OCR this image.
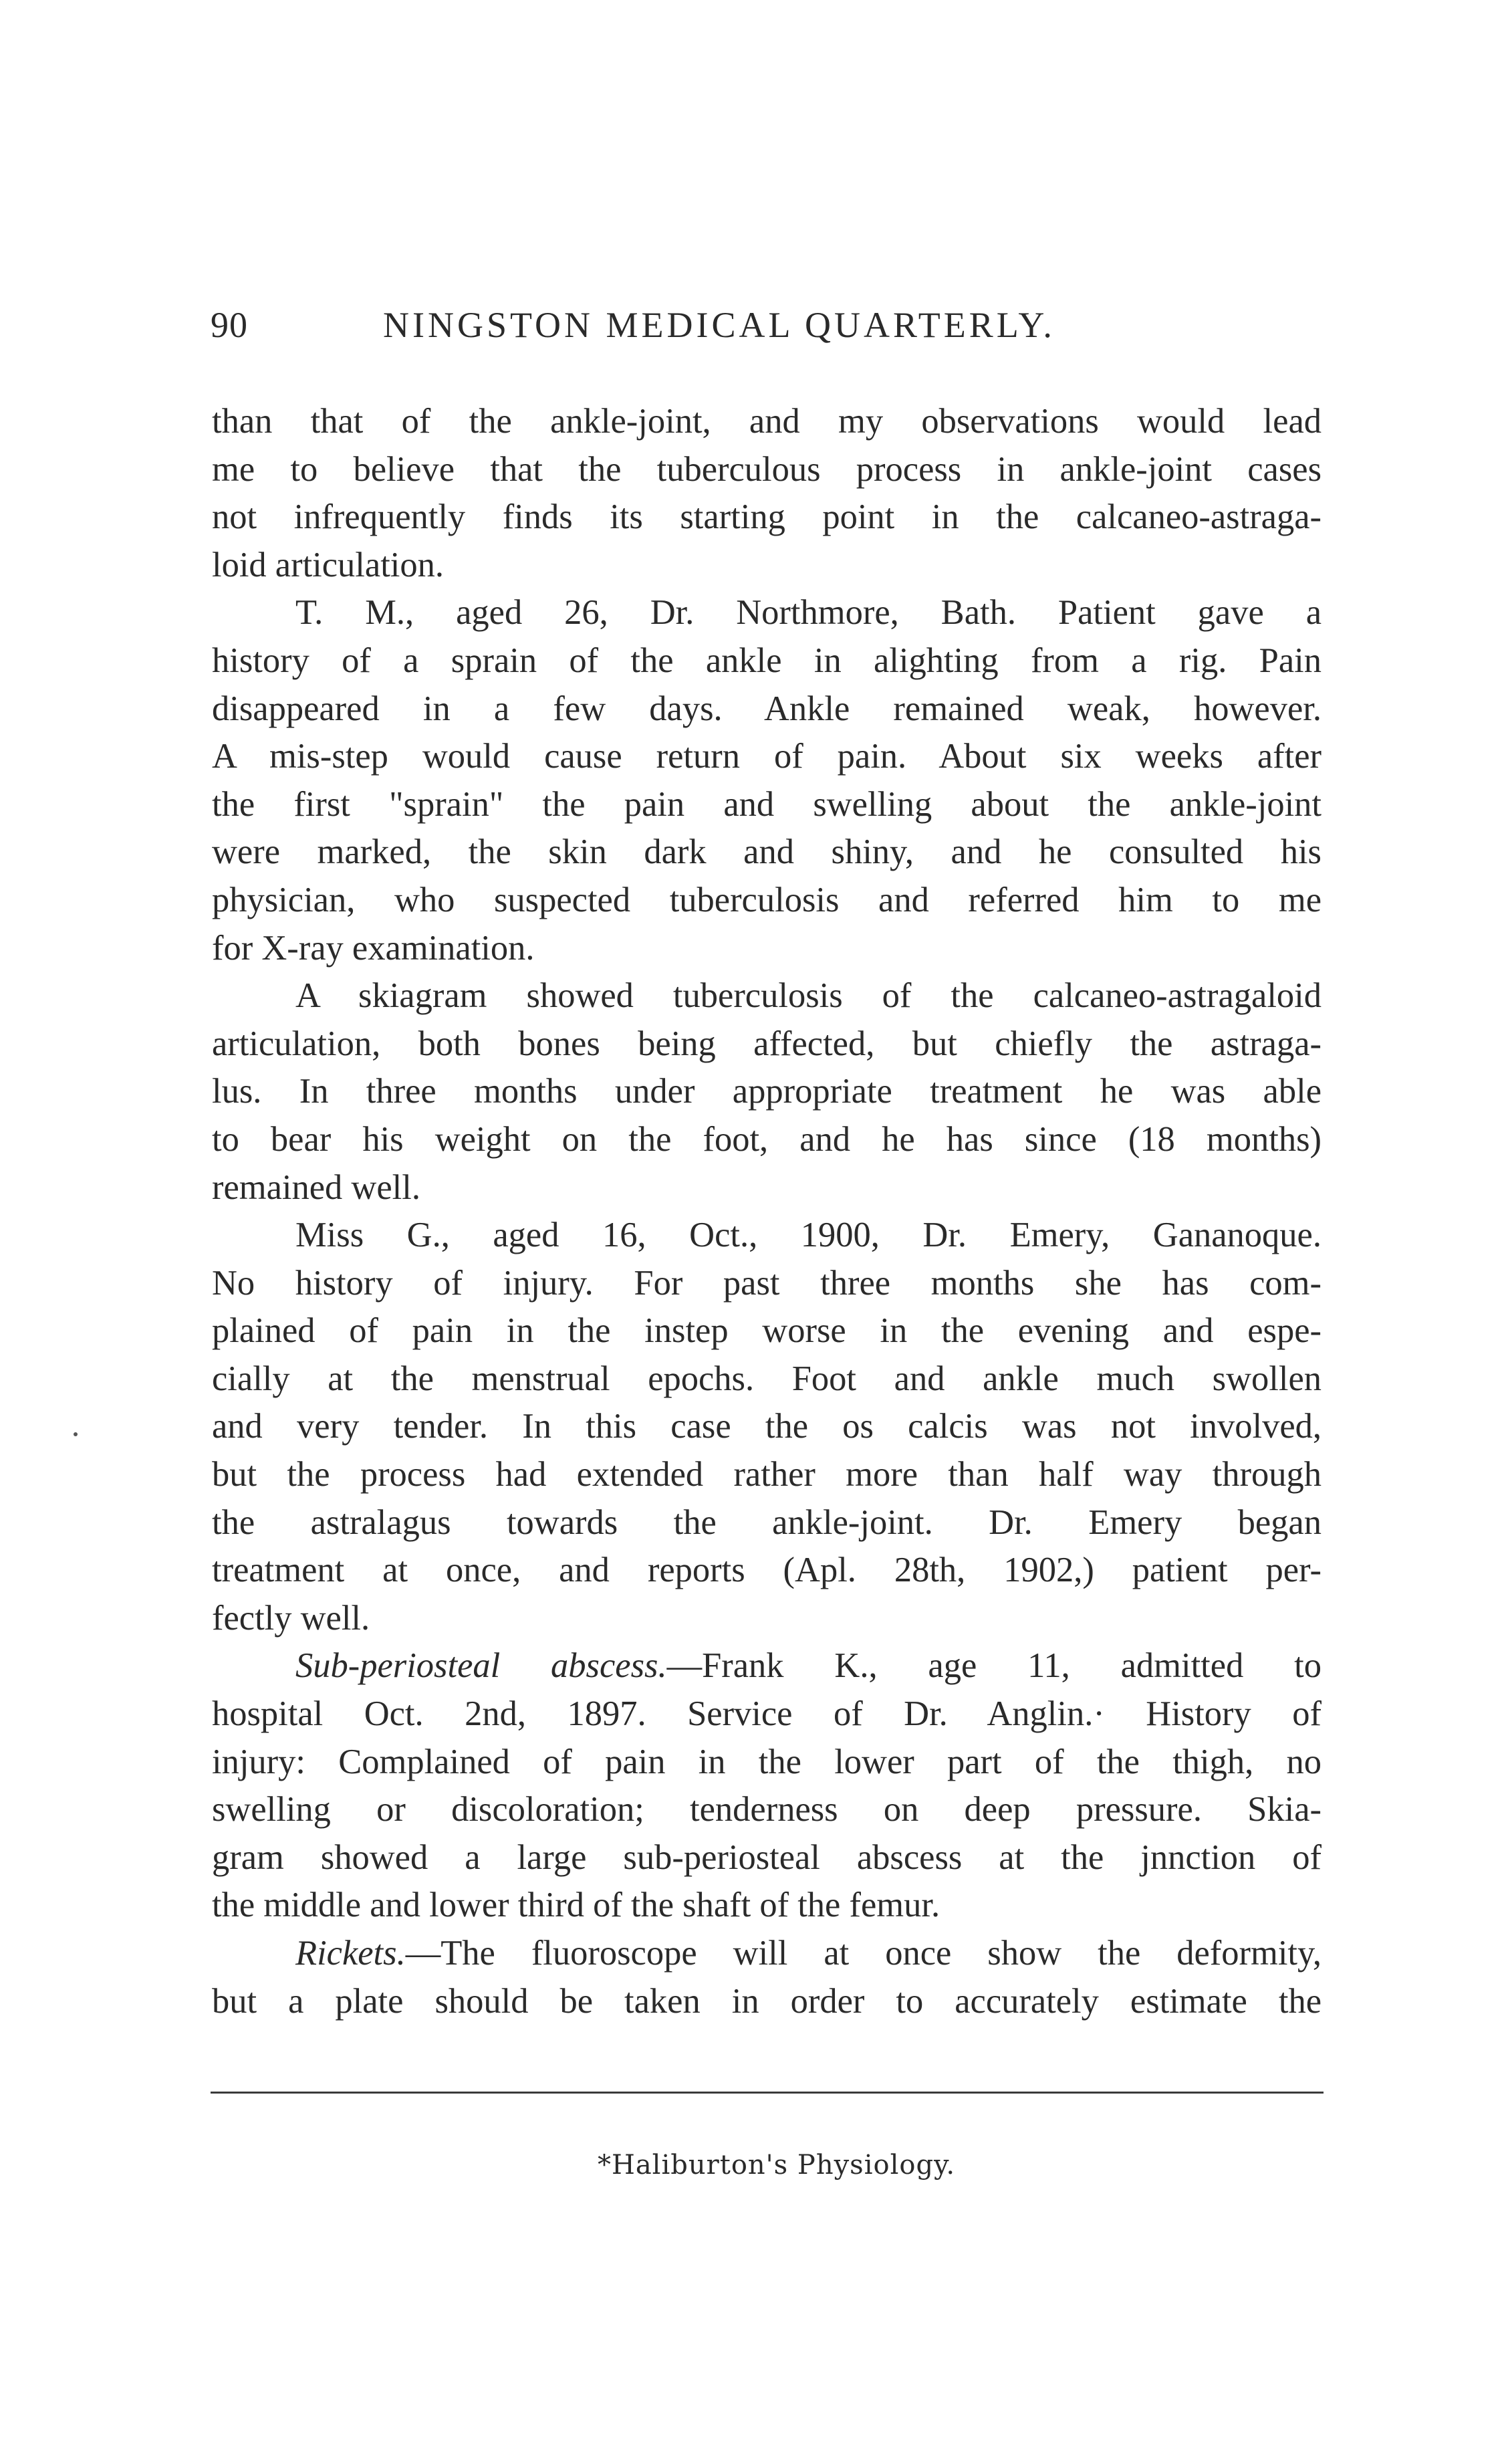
90	NINGSTON MEDICAL QUARTERLY.
than that of the ankle-joint, and my observations would lead
me to believe that the tuberculous process in ankle-joint cases
not infrequently finds its starting point in the calcaneo-astraga-
loid articulation.
T. M., aged 26, Dr. Northmore, Bath. Patient gave a
history of a sprain of the ankle in alighting from a rig. Pain
disappeared in a few days. Ankle remained weak, however.
A mis-step would cause return of pain. About six weeks after
the first "sprain" the pain and swelling about the ankle-joint
were marked, the skin dark and shiny, and he consulted his
physician, who suspected tuberculosis and referred him to me
for X-ray examination.
A skiagram showed tuberculosis of the calcaneo-astragaloid
articulation, both bones being affected, but chiefly the astraga-
lus. In three months under appropriate treatment he was able
to bear his weight on the foot, and he has since (18 months)
remained well.
Miss G., aged 16, Oct., 1900, Dr. Emery, Gananoque.
No history of injury. For past three months she has com-
plained of pain in the instep worse in the evening and espe-
cially at the menstrual epochs. Foot and ankle much swollen
and very tender. In this case the os calcis was not involved,
but the process had extended rather more than half way through
the astralagus towards the ankle-joint. Dr. Emery began
treatment at once, and reports (Apl. 28th, 1902,) patient per-
fectly well.
Sub-periosteal abscess.—Frank K., age 11, admitted to
hospital Oct. 2nd, 1897. Service of Dr. Anglin.· History of
injury: Complained of pain in the lower part of the thigh, no
swelling or discoloration; tenderness on deep pressure. Skia-
gram showed a large sub-periosteal abscess at the jnnction of
the middle and lower third of the shaft of the femur.
Rickets.—The fluoroscope will at once show the deformity,
but a plate should be taken in order to accurately estimate the
*Haliburton's Physiology.
